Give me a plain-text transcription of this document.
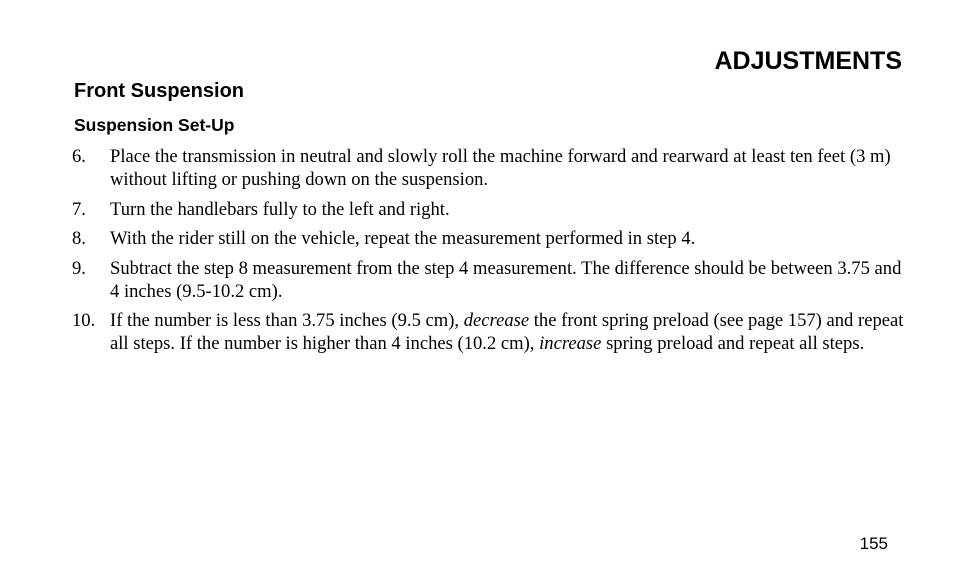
ADJUSTMENTS
Front Suspension
Suspension Set-Up
6.	Place the transmission in neutral and slowly roll the machine forward and rearward at least ten feet (3 m) without lifting or pushing down on the suspension.
7.	Turn the handlebars fully to the left and right.
8.	With the rider still on the vehicle, repeat the measurement performed in step 4.
9.	Subtract the step 8 measurement from the step 4 measurement. The difference should be between 3.75 and 4 inches (9.5-10.2 cm).
10. If the number is less than 3.75 inches (9.5 cm), decrease the front spring preload (see page 157) and repeat all steps. If the number is higher than 4 inches (10.2 cm), increase spring preload and repeat all steps.
155
